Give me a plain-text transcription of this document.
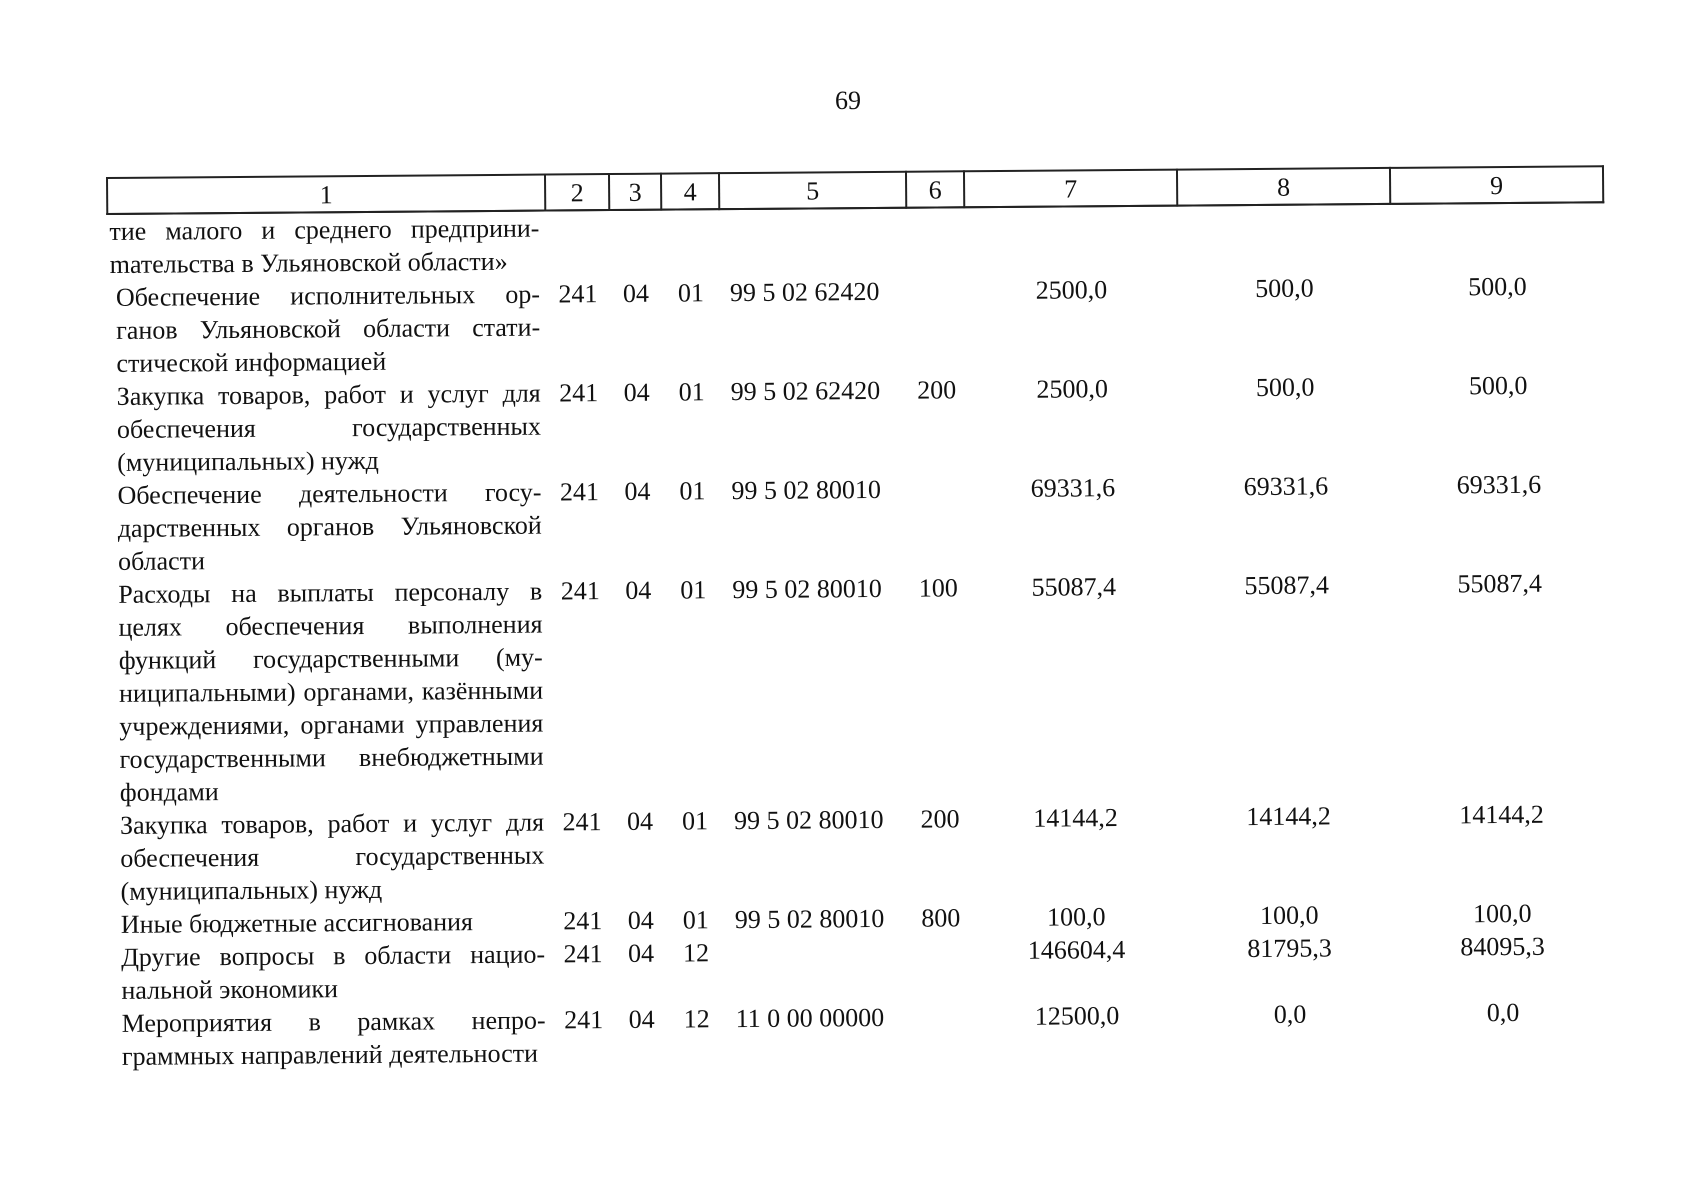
69
1	2	3	4	5	6	7	8	9
тие малого и среднего предприниmательства в Ульяновской области»								
Обеспечение исполнительных органов Ульяновской области статистической информацией	241	04	01	99 5 02 62420		2500,0	500,0	500,0
Закупка товаров, работ и услуг для обеспечения государственных (муниципальных) нужд	241	04	01	99 5 02 62420	200	2500,0	500,0	500,0
Обеспечение деятельности государственных органов Ульяновской области	241	04	01	99 5 02 80010		69331,6	69331,6	69331,6
Расходы на выплаты персоналу в целях обеспечения выполнения функций государственными (муниципальными) органами, казёнными учреждениями, органами управления государственными внебюджетными фондами	241	04	01	99 5 02 80010	100	55087,4	55087,4	55087,4
Закупка товаров, работ и услуг для обеспечения государственных (муниципальных) нужд	241	04	01	99 5 02 80010	200	14144,2	14144,2	14144,2
Иные бюджетные ассигнования	241	04	01	99 5 02 80010	800	100,0	100,0	100,0
Другие вопросы в области национальной экономики	241	04	12			146604,4	81795,3	84095,3
Мероприятия в рамках непрограммных направлений деятельности	241	04	12	11 0 00 00000		12500,0	0,0	0,0
